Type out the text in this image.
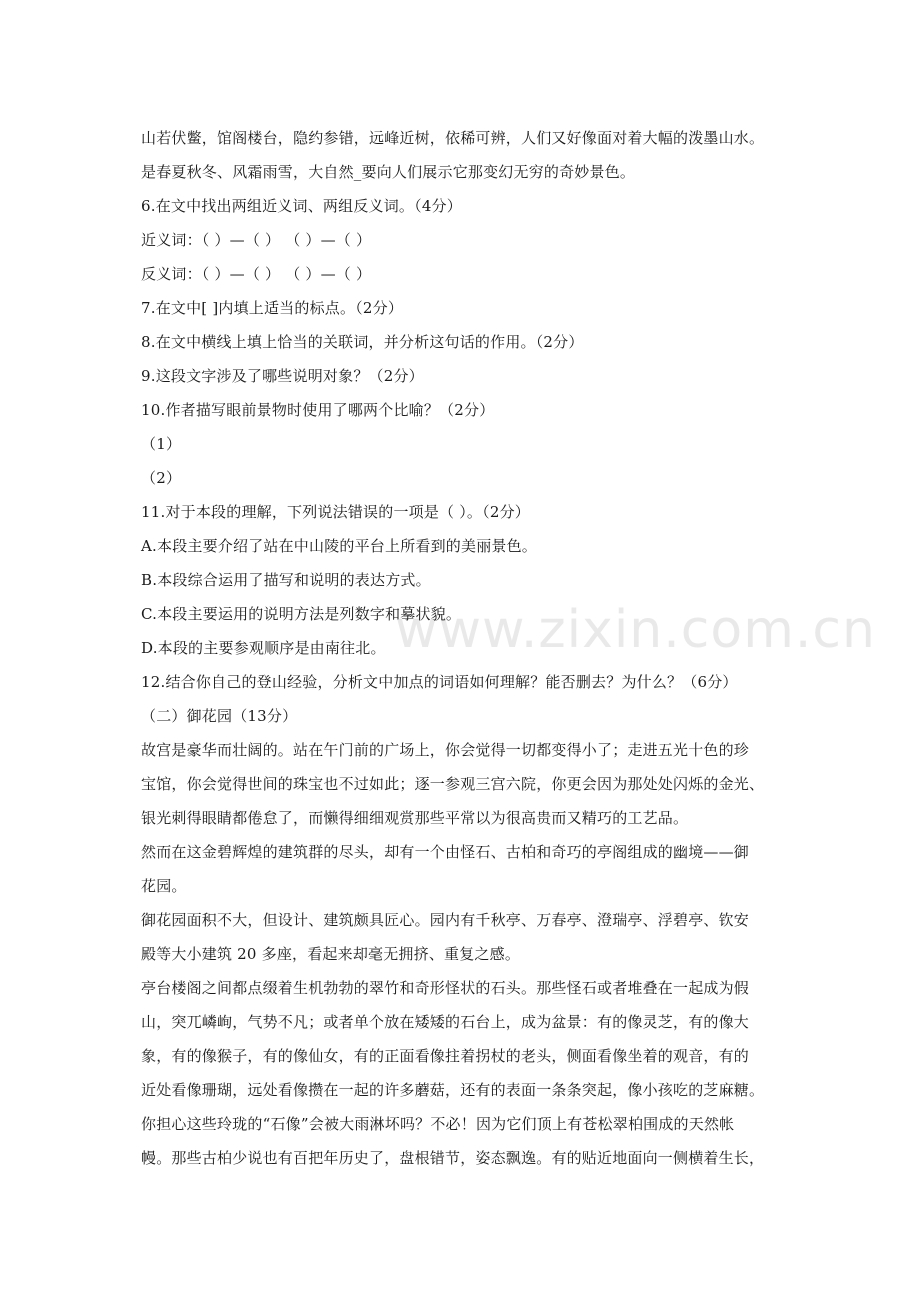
www.zixin.com.cn
山若伏鳖，馆阁楼台，隐约参错，远峰近树，依稀可辨，人们又好像面对着大幅的泼墨山水。
是春夏秋冬、风霜雨雪，大自然_要向人们展示它那变幻无穷的奇妙景色。
6.在文中找出两组近义词、两组反义词。（4分）
近义词：（ ）—（ ） （ ）—（ ）
反义词：（ ）—（ ） （ ）—（ ）
7.在文中[ ]内填上适当的标点。（2分）
8.在文中横线上填上恰当的关联词，并分析这句话的作用。（2分）
9.这段文字涉及了哪些说明对象？（2分）
10.作者描写眼前景物时使用了哪两个比喻？（2分）
（1）
（2）
11.对于本段的理解，下列说法错误的一项是（ ）。（2分）
A.本段主要介绍了站在中山陵的平台上所看到的美丽景色。
B.本段综合运用了描写和说明的表达方式。
C.本段主要运用的说明方法是列数字和摹状貌。
D.本段的主要参观顺序是由南往北。
12.结合你自己的登山经验，分析文中加点的词语如何理解？能否删去？为什么？（6分）
（二）御花园（13分）
故宫是豪华而壮阔的。站在午门前的广场上，你会觉得一切都变得小了；走进五光十色的珍
宝馆，你会觉得世间的珠宝也不过如此；逐一参观三宫六院，你更会因为那处处闪烁的金光、
银光刺得眼睛都倦怠了，而懒得细细观赏那些平常以为很高贵而又精巧的工艺品。
然而在这金碧辉煌的建筑群的尽头，却有一个由怪石、古柏和奇巧的亭阁组成的幽境——御
花园。
御花园面积不大，但设计、建筑颇具匠心。园内有千秋亭、万春亭、澄瑞亭、浮碧亭、钦安
殿等大小建筑 20 多座，看起来却毫无拥挤、重复之感。
亭台楼阁之间都点缀着生机勃勃的翠竹和奇形怪状的石头。那些怪石或者堆叠在一起成为假
山，突兀嶙峋，气势不凡；或者单个放在矮矮的石台上，成为盆景：有的像灵芝，有的像大
象，有的像猴子，有的像仙女，有的正面看像拄着拐杖的老头，侧面看像坐着的观音，有的
近处看像珊瑚，远处看像攒在一起的许多蘑菇，还有的表面一条条突起，像小孩吃的芝麻糖。
你担心这些玲珑的“石像”会被大雨淋坏吗？不必！因为它们顶上有苍松翠柏围成的天然帐
幔。那些古柏少说也有百把年历史了，盘根错节，姿态飘逸。有的贴近地面向一侧横着生长，
